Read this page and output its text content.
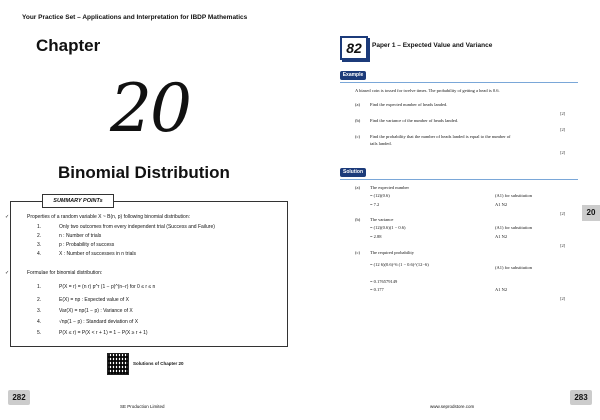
Your Practice Set – Applications and Interpretation for IBDP Mathematics
Chapter
20
Binomial Distribution
✓	Properties of a random variable X ~ B(n, p) following binomial distribution:
1.	Only two outcomes from every independent trial (Success and Failure)
2.	n : Number of trials
3.	p : Probability of success
4.	X : Number of successes in n trials
✓	Formulae for binomial distribution:
1.	P(X = r) = (n r) p^r (1 − p)^(n−r) for 0 ≤ r ≤ n
2.	E(X) = np : Expected value of X
3.	Var(X) = np(1 − p) : Variance of X
4.	√np(1 − p) : Standard deviation of X
5.	P(X ≤ r) = P(X < r + 1) = 1 − P(X ≥ r + 1)
SUMMARY POINTs
Solutions of Chapter 20
282
SE Production Limited
82	Paper 1 – Expected Value and Variance
Example
A biased coin is tossed for twelve times. The probability of getting a head is 0.6.
(a) Find the expected number of heads landed.
[2]
(b) Find the variance of the number of heads landed.
[2]
(c) Find the probability that the number of heads landed is equal to the number of
tails landed.
[2]
Solution
(a) The expected number
= (12)(0.6)
= 7.2
(A1) for substitution
A1 N2
[2]
(b) The variance
= (12)(0.6)(1 − 0.6)
= 2.88
(A1) for substitution
A1 N2
[2]
(c) The required probability
= (12 6)(0.6)^6 (1 − 0.6)^(12−6)
= 0.176579149
= 0.177
(A1) for substitution
A1 N2
[2]
20
283
www.seprodstore.com
